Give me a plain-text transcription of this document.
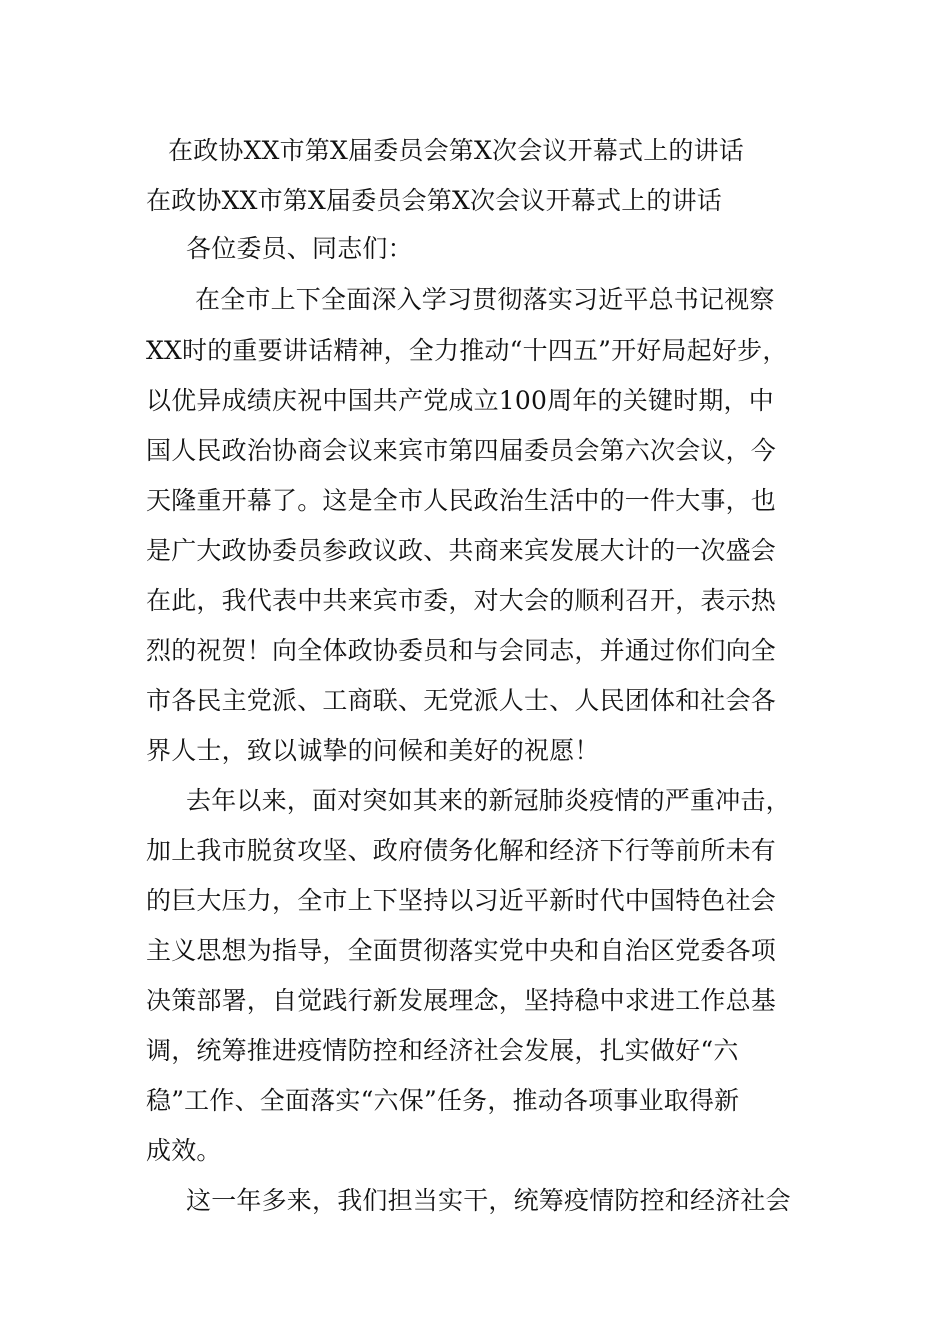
在政协XX市第X届委员会第X次会议开幕式上的讲话
在政协XX市第X届委员会第X次会议开幕式上的讲话
各位委员、同志们：
在全市上下全面深入学习贯彻落实习近平总书记视察
XX时的重要讲话精神，全力推动“十四五”开好局起好步，
以优异成绩庆祝中国共产党成立100周年的关键时期，中
国人民政治协商会议来宾市第四届委员会第六次会议，今
天隆重开幕了。这是全市人民政治生活中的一件大事，也
是广大政协委员参政议政、共商来宾发展大计的一次盛会
在此，我代表中共来宾市委，对大会的顺利召开，表示热
烈的祝贺！向全体政协委员和与会同志，并通过你们向全
市各民主党派、工商联、无党派人士、人民团体和社会各
界人士，致以诚挚的问候和美好的祝愿！
去年以来，面对突如其来的新冠肺炎疫情的严重冲击，
加上我市脱贫攻坚、政府债务化解和经济下行等前所未有
的巨大压力，全市上下坚持以习近平新时代中国特色社会
主义思想为指导，全面贯彻落实党中央和自治区党委各项
决策部署，自觉践行新发展理念，坚持稳中求进工作总基
调，统筹推进疫情防控和经济社会发展，扎实做好“六
稳”工作、全面落实“六保”任务，推动各项事业取得新
成效。
这一年多来，我们担当实干，统筹疫情防控和经济社会
